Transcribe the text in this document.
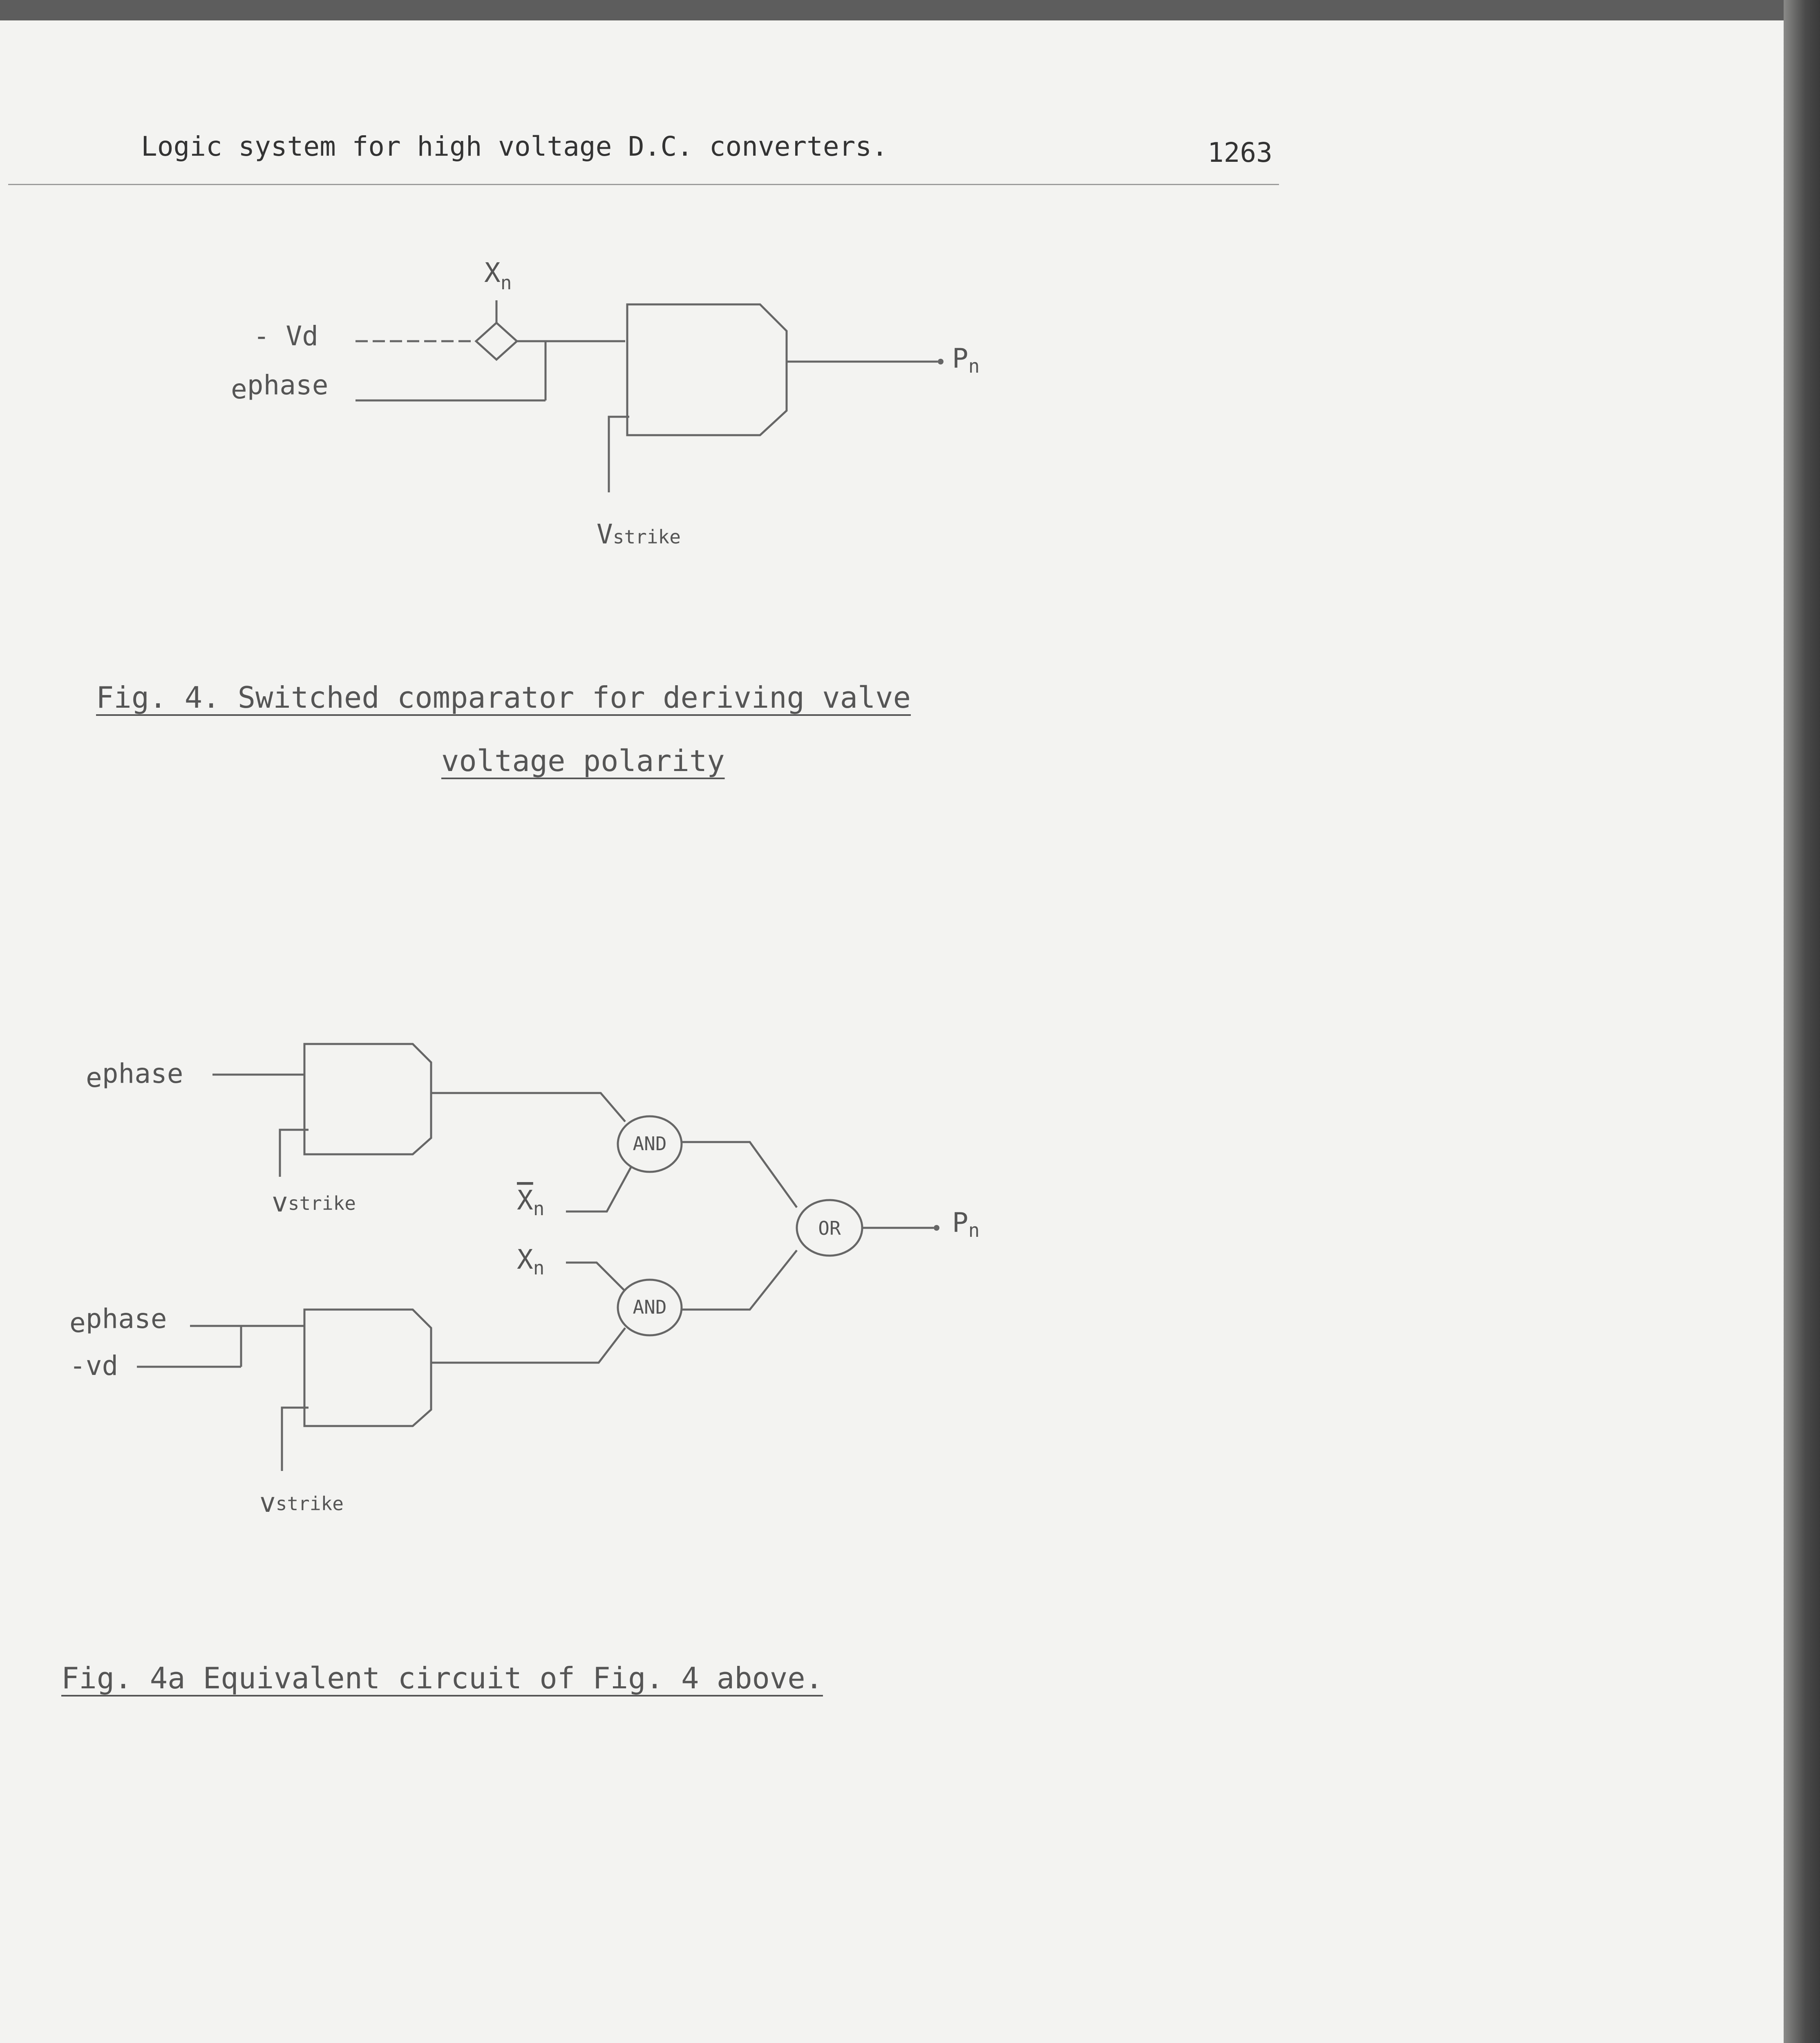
Logic system for high voltage D.C. converters.	1263
- Vd
ephase
$X_n$
Vstrike
Pn
ephase
vstrike
AND
$X_n$
OR	Pn
$X_n$
AND
ephase
-vd
vstrike
Fig. 4. Switched comparator for deriving valve
voltage polarity
Fig. 4a Equivalent circuit of Fig. 4 above.
